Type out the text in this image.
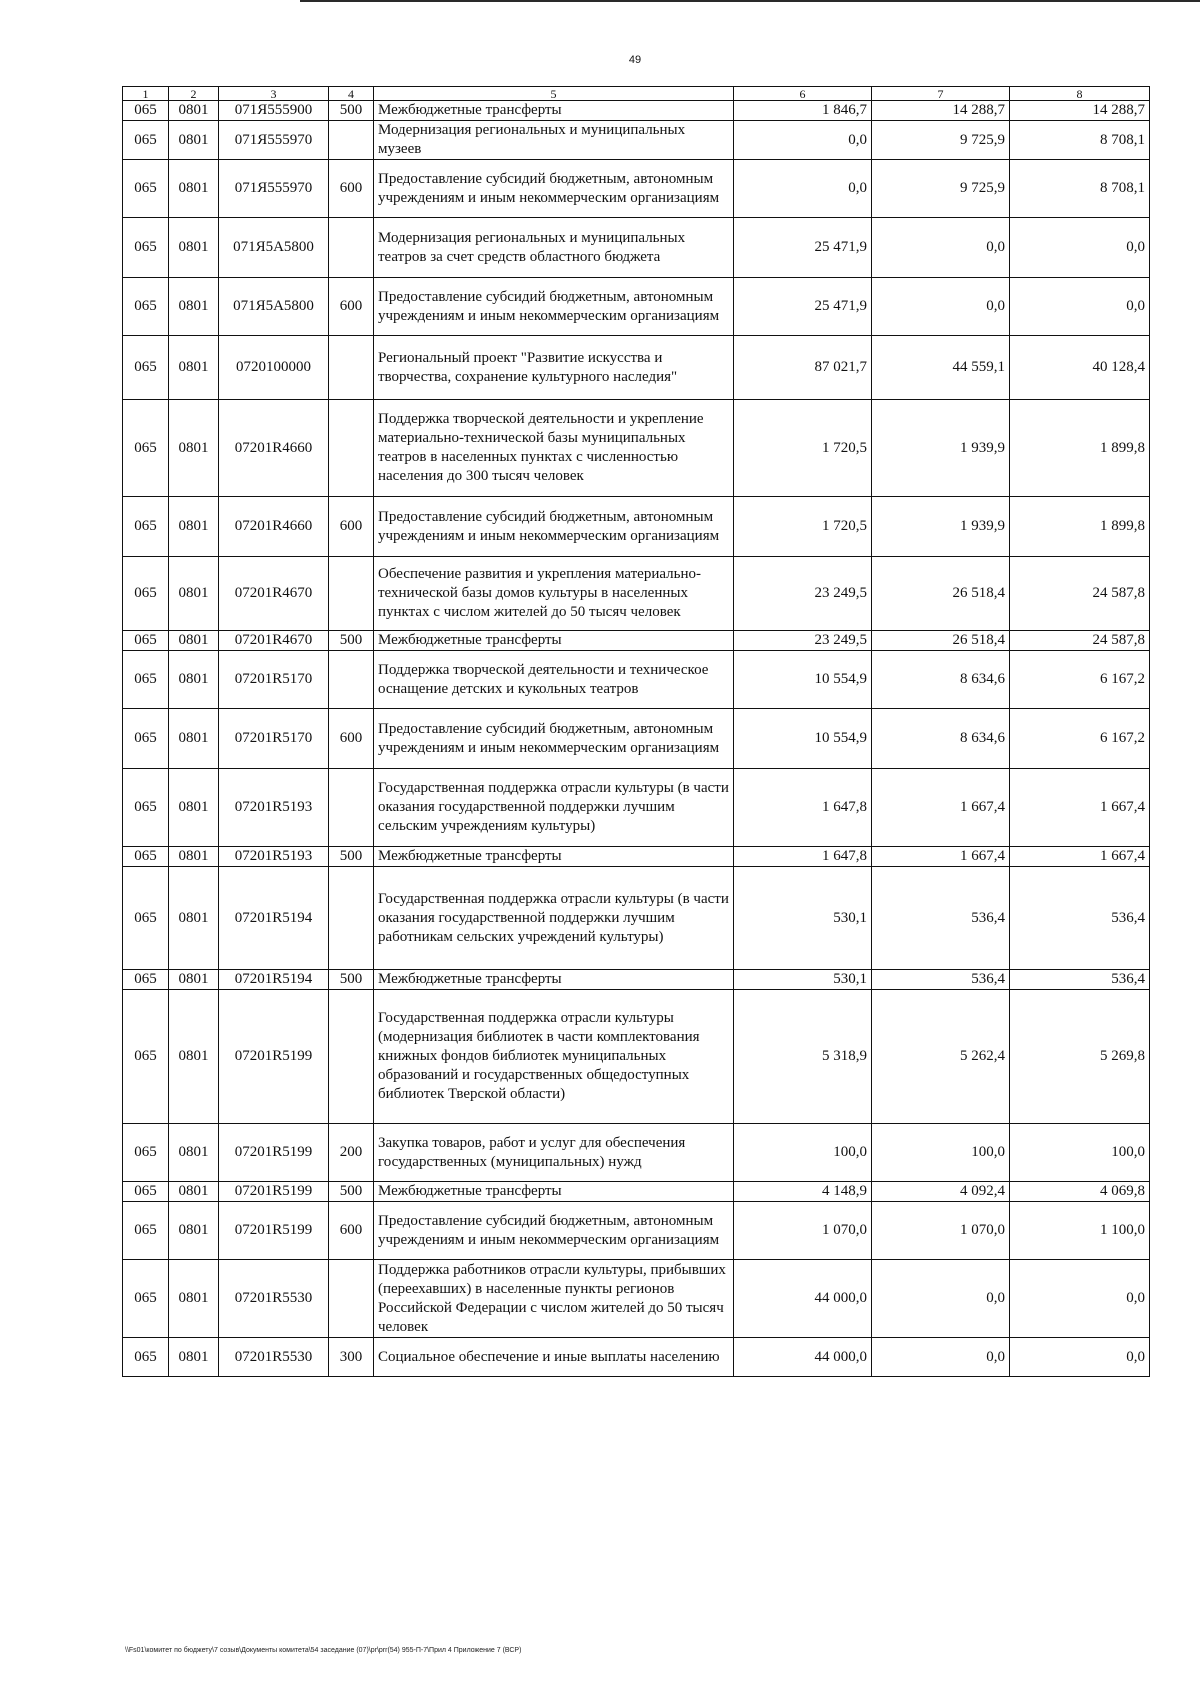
49
1	2	3	4	5	6	7	8
065	0801	071Я555900	500	Межбюджетные трансферты	1 846,7	14 288,7	14 288,7
065	0801	071Я555970		Модернизация региональных и муниципальных музеев	0,0	9 725,9	8 708,1
065	0801	071Я555970	600	Предоставление субсидий бюджетным, автономным учреждениям и иным некоммерческим организациям	0,0	9 725,9	8 708,1
065	0801	071Я5А5800		Модернизация региональных и муниципальных театров за счет средств областного бюджета	25 471,9	0,0	0,0
065	0801	071Я5А5800	600	Предоставление субсидий бюджетным, автономным учреждениям и иным некоммерческим организациям	25 471,9	0,0	0,0
065	0801	0720100000		Региональный проект "Развитие искусства и творчества, сохранение культурного наследия"	87 021,7	44 559,1	40 128,4
065	0801	07201R4660		Поддержка творческой деятельности и укрепление материально-технической базы муниципальных театров в населенных пунктах с численностью населения до 300 тысяч человек	1 720,5	1 939,9	1 899,8
065	0801	07201R4660	600	Предоставление субсидий бюджетным, автономным учреждениям и иным некоммерческим организациям	1 720,5	1 939,9	1 899,8
065	0801	07201R4670		Обеспечение развития и укрепления материально-технической базы домов культуры в населенных пунктах с числом жителей до 50 тысяч человек	23 249,5	26 518,4	24 587,8
065	0801	07201R4670	500	Межбюджетные трансферты	23 249,5	26 518,4	24 587,8
065	0801	07201R5170		Поддержка творческой деятельности и техническое оснащение детских и кукольных театров	10 554,9	8 634,6	6 167,2
065	0801	07201R5170	600	Предоставление субсидий бюджетным, автономным учреждениям и иным некоммерческим организациям	10 554,9	8 634,6	6 167,2
065	0801	07201R5193		Государственная поддержка отрасли культуры (в части оказания государственной поддержки лучшим сельским учреждениям культуры)	1 647,8	1 667,4	1 667,4
065	0801	07201R5193	500	Межбюджетные трансферты	1 647,8	1 667,4	1 667,4
065	0801	07201R5194		Государственная поддержка отрасли культуры (в части оказания государственной поддержки лучшим работникам сельских учреждений культуры)	530,1	536,4	536,4
065	0801	07201R5194	500	Межбюджетные трансферты	530,1	536,4	536,4
065	0801	07201R5199		Государственная поддержка отрасли культуры (модернизация библиотек в части комплектования книжных фондов библиотек муниципальных образований и государственных общедоступных библиотек Тверской области)	5 318,9	5 262,4	5 269,8
065	0801	07201R5199	200	Закупка товаров, работ и услуг для обеспечения государственных (муниципальных) нужд	100,0	100,0	100,0
065	0801	07201R5199	500	Межбюджетные трансферты	4 148,9	4 092,4	4 069,8
065	0801	07201R5199	600	Предоставление субсидий бюджетным, автономным учреждениям и иным некоммерческим организациям	1 070,0	1 070,0	1 100,0
065	0801	07201R5530		Поддержка работников отрасли культуры, прибывших (переехавших) в населенные пункты регионов Российской Федерации с числом жителей до 50 тысяч человек	44 000,0	0,0	0,0
065	0801	07201R5530	300	Социальное обеспечение и иные выплаты населению	44 000,0	0,0	0,0
\\Fs01\комитет по бюджету\7 созыв\Документы комитета\54 заседание (07)\pr\prr(54) 955-П-7\Прил 4 Приложение 7 (ВСР)
